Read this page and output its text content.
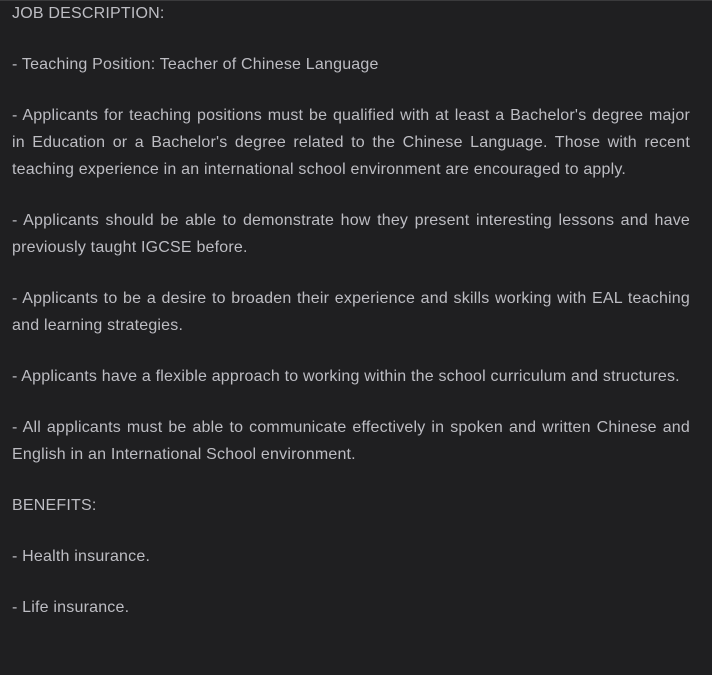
JOB DESCRIPTION:

- Teaching Position: Teacher of Chinese Language

- Applicants for teaching positions must be qualified with at least a Bachelor's degree major in Education or a Bachelor's degree related to the Chinese Language. Those with recent teaching experience in an international school environment are encouraged to apply.

- Applicants should be able to demonstrate how they present interesting lessons and have previously taught IGCSE before.

- Applicants to be a desire to broaden their experience and skills working with EAL teaching and learning strategies.

- Applicants have a flexible approach to working within the school curriculum and structures.

- All applicants must be able to communicate effectively in spoken and written Chinese and English in an International School environment.

BENEFITS:

- Health insurance.

- Life insurance.
